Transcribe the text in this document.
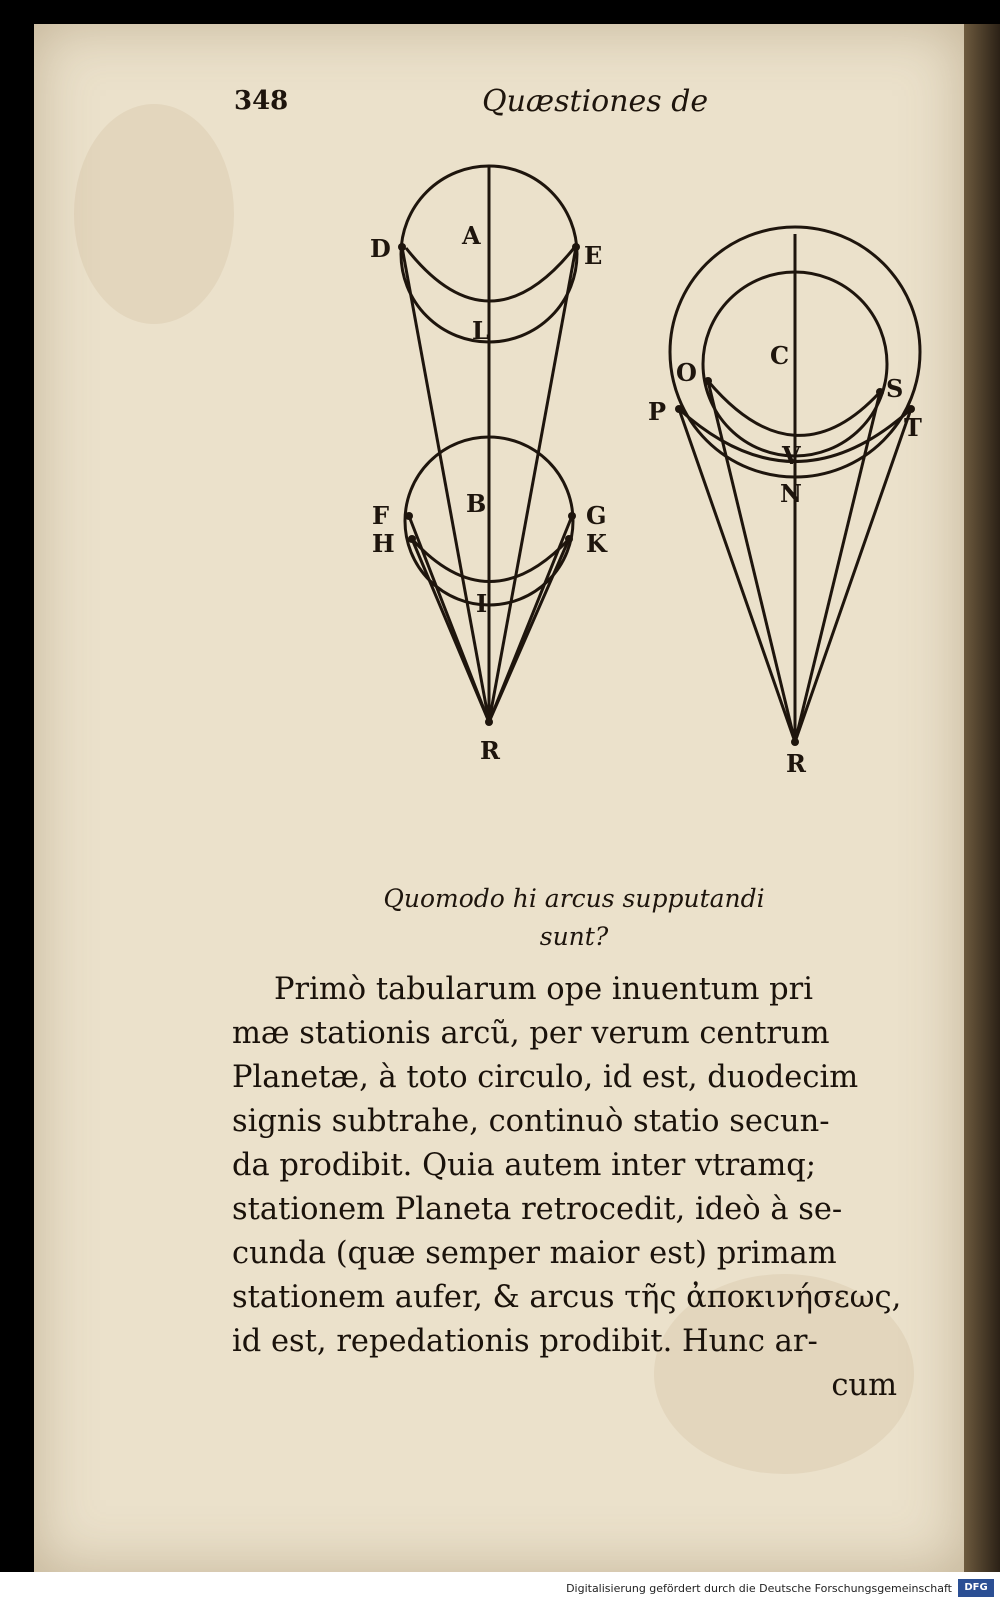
348	Quæstiones de
D	E
A
L
B
F	G
H	K
I
R
C
O
S
P
T
V
N
R
Quomodo hi arcus supputandi
sunt?
Primò tabularum ope inuentum pri
mæ stationis arcũ, per verum centrum
Planetæ, à toto circulo, id est, duodecim
signis subtrahe, continuò statio secun-
da prodibit. Quia autem inter vtramq;
stationem Planeta retrocedit, ideò à se-
cunda (quæ semper maior est) primam
stationem aufer, & arcus τῆς ἀποκινήσεως,
id est, repedationis prodibit. Hunc ar-
cum
Digitalisierung gefördert durch die Deutsche Forschungsgemeinschaft	DFG
